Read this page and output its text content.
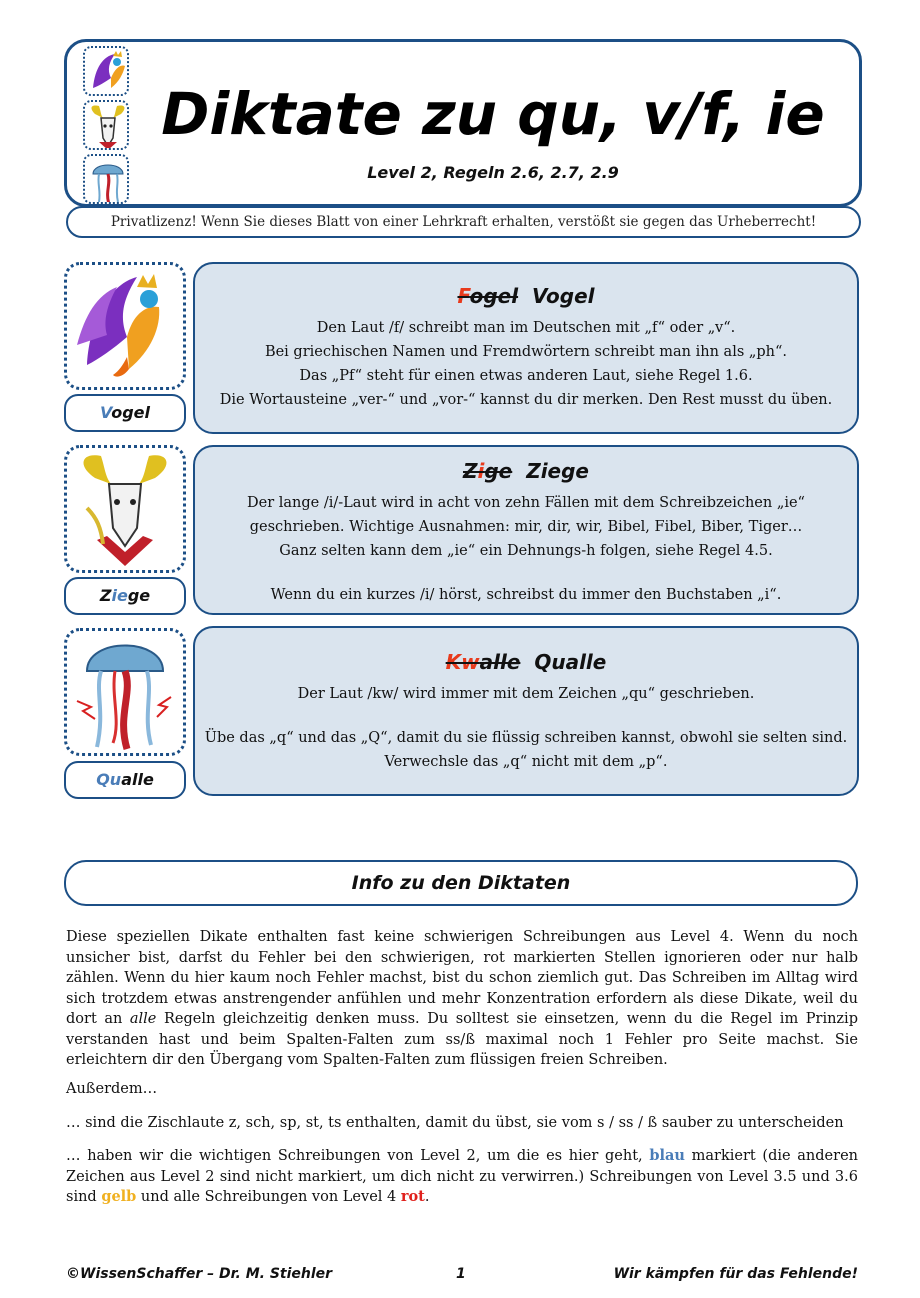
Diktate zu qu, v/f, ie
Level 2, Regeln 2.6, 2.7, 2.9
Privatlizenz! Wenn Sie dieses Blatt von einer Lehrkraft erhalten, verstößt sie gegen das Urheberrecht!
Vogel
Fogel Vogel
Den Laut /f/ schreibt man im Deutschen mit „f“ oder „v“.
Bei griechischen Namen und Fremdwörtern schreibt man ihn als „ph“.
Das „Pf“ steht für einen etwas anderen Laut, siehe Regel 1.6.
Die Wortausteine „ver-“ und „vor-“ kannst du dir merken. Den Rest musst du üben.
Ziege
Zige Ziege
Der lange /i/-Laut wird in acht von zehn Fällen mit dem Schreibzeichen „ie“
geschrieben. Wichtige Ausnahmen: mir, dir, wir, Bibel, Fibel, Biber, Tiger…
Ganz selten kann dem „ie“ ein Dehnungs-h folgen, siehe Regel 4.5.
Wenn du ein kurzes /i/ hörst, schreibst du immer den Buchstaben „i“.
Qualle
Kwalle Qualle
Der Laut /kw/ wird immer mit dem Zeichen „qu“ geschrieben.
Übe das „q“ und das „Q“, damit du sie flüssig schreiben kannst, obwohl sie selten sind.
Verwechsle das „q“ nicht mit dem „p“.
Info zu den Diktaten
Diese speziellen Dikate enthalten fast keine schwierigen Schreibungen aus Level 4. Wenn du noch unsicher bist, darfst du Fehler bei den schwierigen, rot markierten Stellen ignorieren oder nur halb zählen. Wenn du hier kaum noch Fehler machst, bist du schon ziemlich gut. Das Schreiben im Alltag wird sich trotzdem etwas anstrengender anfühlen und mehr Konzentration erfordern als diese Dikate, weil du dort an alle Regeln gleichzeitig denken muss. Du solltest sie einsetzen, wenn du die Regel im Prinzip verstanden hast und beim Spalten-Falten zum ss/ß maximal noch 1 Fehler pro Seite machst. Sie erleichtern dir den Übergang vom Spalten-Falten zum flüssigen freien Schreiben.
Außerdem…
… sind die Zischlaute z, sch, sp, st, ts enthalten, damit du übst, sie vom s / ss / ß sauber zu unterscheiden
… haben wir die wichtigen Schreibungen von Level 2, um die es hier geht, blau markiert (die anderen Zeichen aus Level 2 sind nicht markiert, um dich nicht zu verwirren.) Schreibungen von Level 3.5 und 3.6 sind gelb und alle Schreibungen von Level 4 rot.
©WissenSchaffer – Dr. M. Stiehler	1	Wir kämpfen für das Fehlende!
